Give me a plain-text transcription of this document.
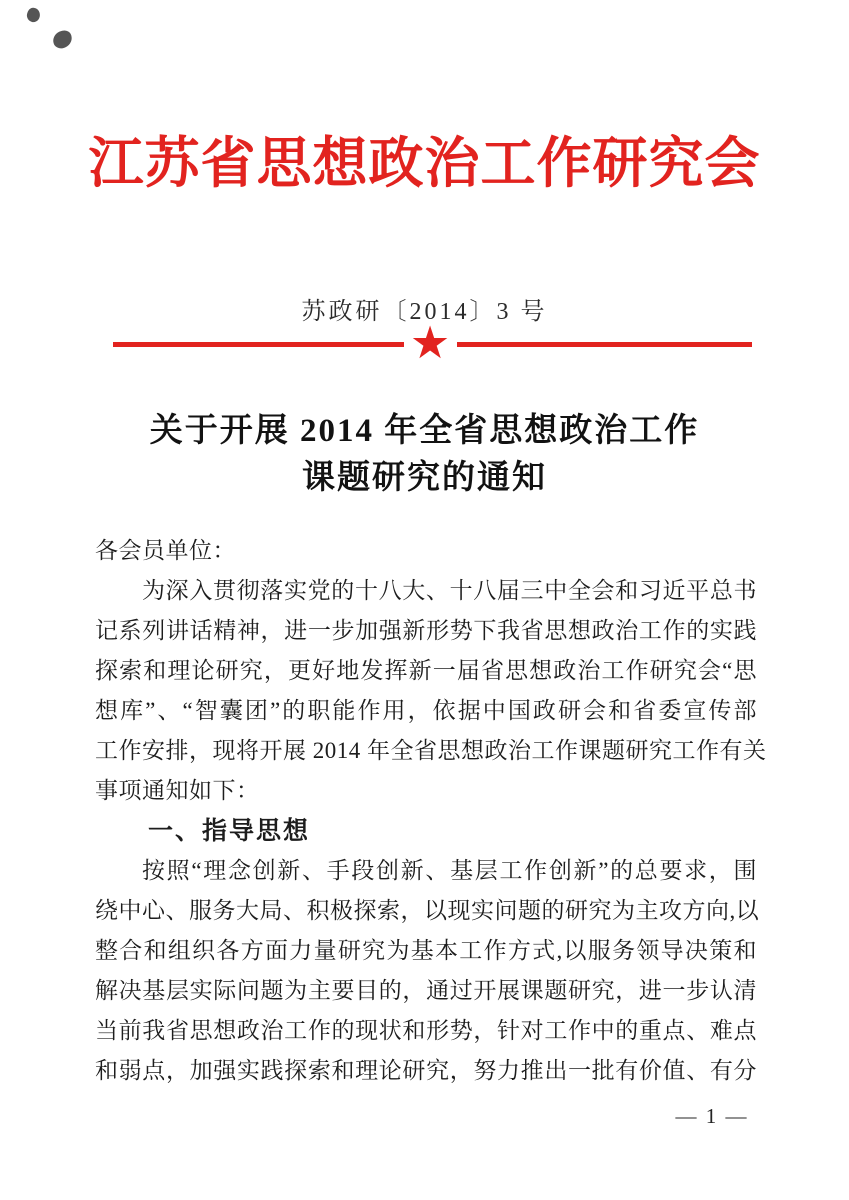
江苏省思想政治工作研究会
苏政研〔2014〕3 号
★
关于开展 2014 年全省思想政治工作
课题研究的通知
各会员单位：
为深入贯彻落实党的十八大、十八届三中全会和习近平总书
记系列讲话精神，进一步加强新形势下我省思想政治工作的实践
探索和理论研究，更好地发挥新一届省思想政治工作研究会“思
想库”、“智囊团”的职能作用，依据中国政研会和省委宣传部
工作安排，现将开展 2014 年全省思想政治工作课题研究工作有关
事项通知如下：
一、指导思想
按照“理念创新、手段创新、基层工作创新”的总要求，围
绕中心、服务大局、积极探索，以现实问题的研究为主攻方向,以
整合和组织各方面力量研究为基本工作方式,以服务领导决策和
解决基层实际问题为主要目的，通过开展课题研究，进一步认清
当前我省思想政治工作的现状和形势，针对工作中的重点、难点
和弱点，加强实践探索和理论研究，努力推出一批有价值、有分
— 1 —
